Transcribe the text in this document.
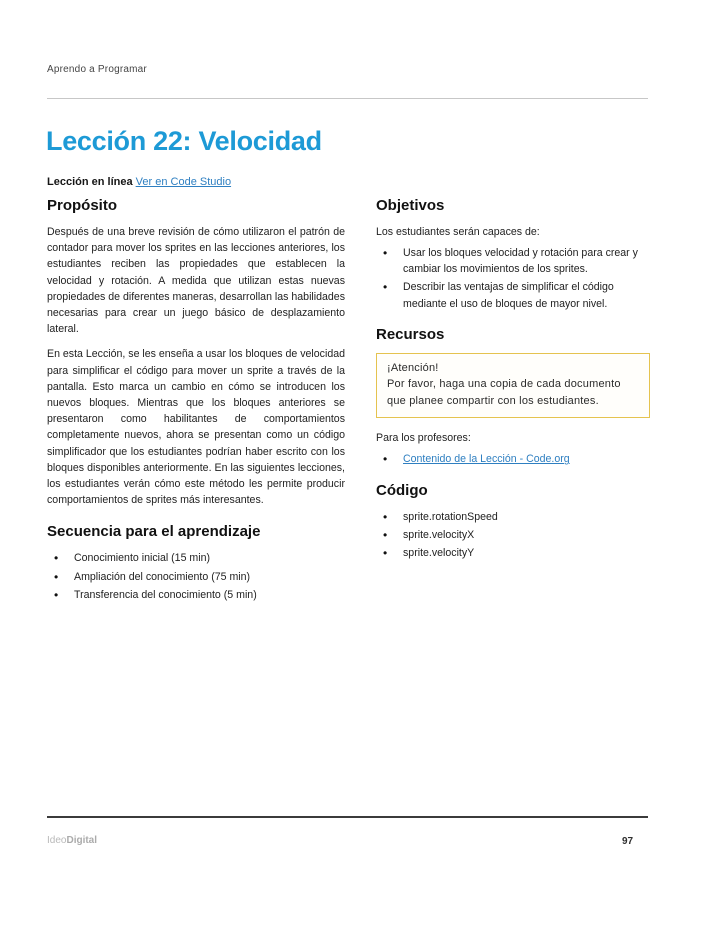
Aprendo a Programar
Lección 22: Velocidad
Lección en línea Ver en Code Studio
Propósito

Después de una breve revisión de cómo utilizaron el patrón de contador para mover los sprites en las lecciones anteriores, los estudiantes reciben las propiedades que establecen la velocidad y rotación. A medida que utilizan estas nuevas propiedades de diferentes maneras, desarrollan las habilidades necesarias para crear un juego básico de desplazamiento lateral.

En esta Lección, se les enseña a usar los bloques de velocidad para simplificar el código para mover un sprite a través de la pantalla. Esto marca un cambio en cómo se introducen los nuevos bloques. Mientras que los bloques anteriores se presentaron como habilitantes de comportamientos completamente nuevos, ahora se presentan como un código simplificador que los estudiantes podrían haber escrito con los bloques disponibles anteriormente. En las siguientes lecciones, los estudiantes verán cómo este método les permite producir comportamientos de sprites más interesantes.

Secuencia para el aprendizaje
• Conocimiento inicial (15 min)
• Ampliación del conocimiento (75 min)
• Transferencia del conocimiento (5 min)
Objetivos

Los estudiantes serán capaces de:

• Usar los bloques velocidad y rotación para crear y cambiar los movimientos de los sprites.
• Describir las ventajas de simplificar el código mediante el uso de bloques de mayor nivel.
Recursos
¡Atención!
Por favor, haga una copia de cada documento que planee compartir con los estudiantes.

Para los profesores:

• Contenido de la Lección - Code.org
Código
• sprite.rotationSpeed
• sprite.velocityX
• sprite.velocityY
IdeoDigital	97
